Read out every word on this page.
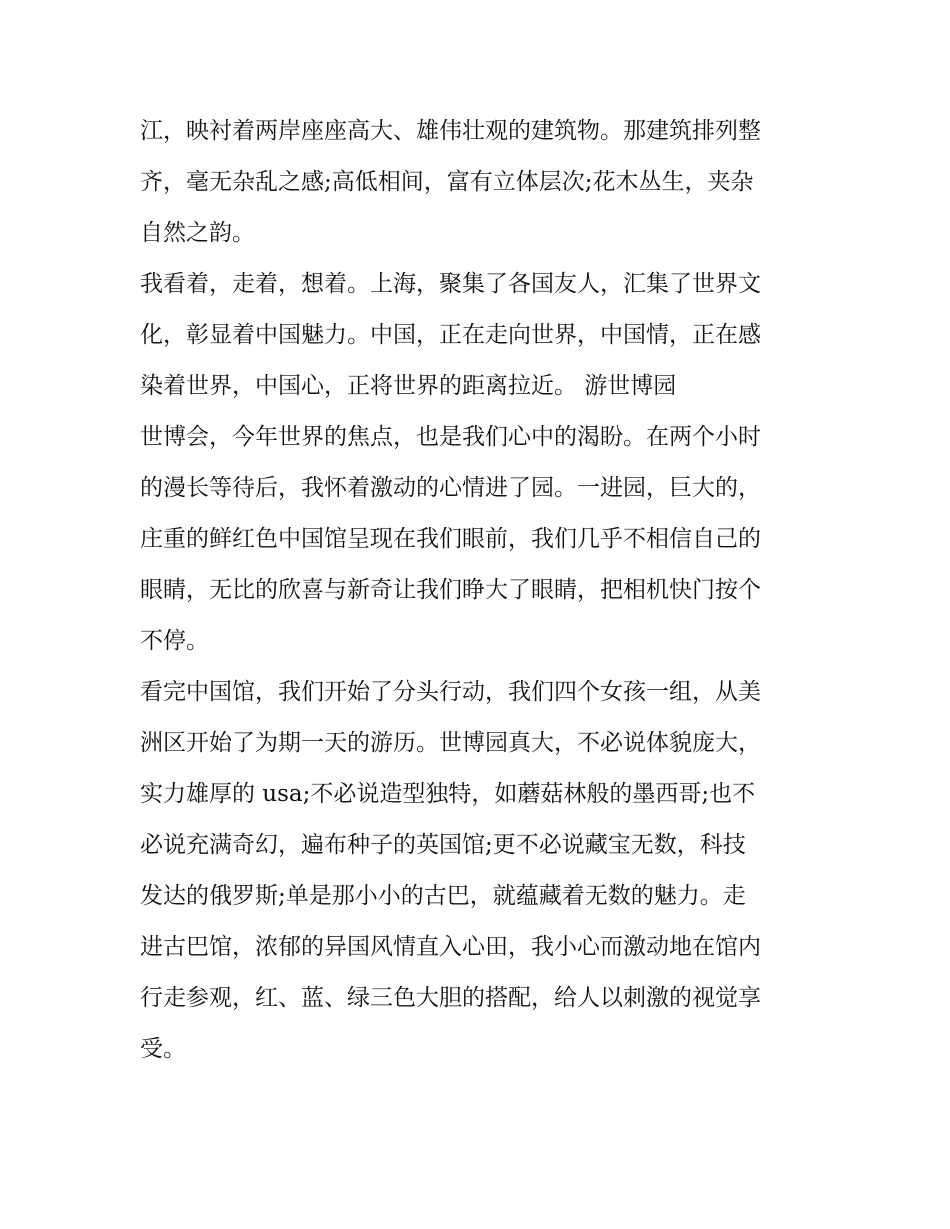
江，映衬着两岸座座高大、雄伟壮观的建筑物。那建筑排列整
齐，毫无杂乱之感;高低相间，富有立体层次;花木丛生，夹杂
自然之韵。
我看着，走着，想着。上海，聚集了各国友人，汇集了世界文
化，彰显着中国魅力。中国，正在走向世界，中国情，正在感
染着世界，中国心，正将世界的距离拉近。 游世博园
世博会，今年世界的焦点，也是我们心中的渴盼。在两个小时
的漫长等待后，我怀着激动的心情进了园。一进园，巨大的，
庄重的鲜红色中国馆呈现在我们眼前，我们几乎不相信自己的
眼睛，无比的欣喜与新奇让我们睁大了眼睛，把相机快门按个
不停。
看完中国馆，我们开始了分头行动，我们四个女孩一组，从美
洲区开始了为期一天的游历。世博园真大，不必说体貌庞大，
实力雄厚的 usa;不必说造型独特，如蘑菇林般的墨西哥;也不
必说充满奇幻，遍布种子的英国馆;更不必说藏宝无数，科技
发达的俄罗斯;单是那小小的古巴，就蕴藏着无数的魅力。走
进古巴馆，浓郁的异国风情直入心田，我小心而激动地在馆内
行走参观，红、蓝、绿三色大胆的搭配，给人以刺激的视觉享
受。
